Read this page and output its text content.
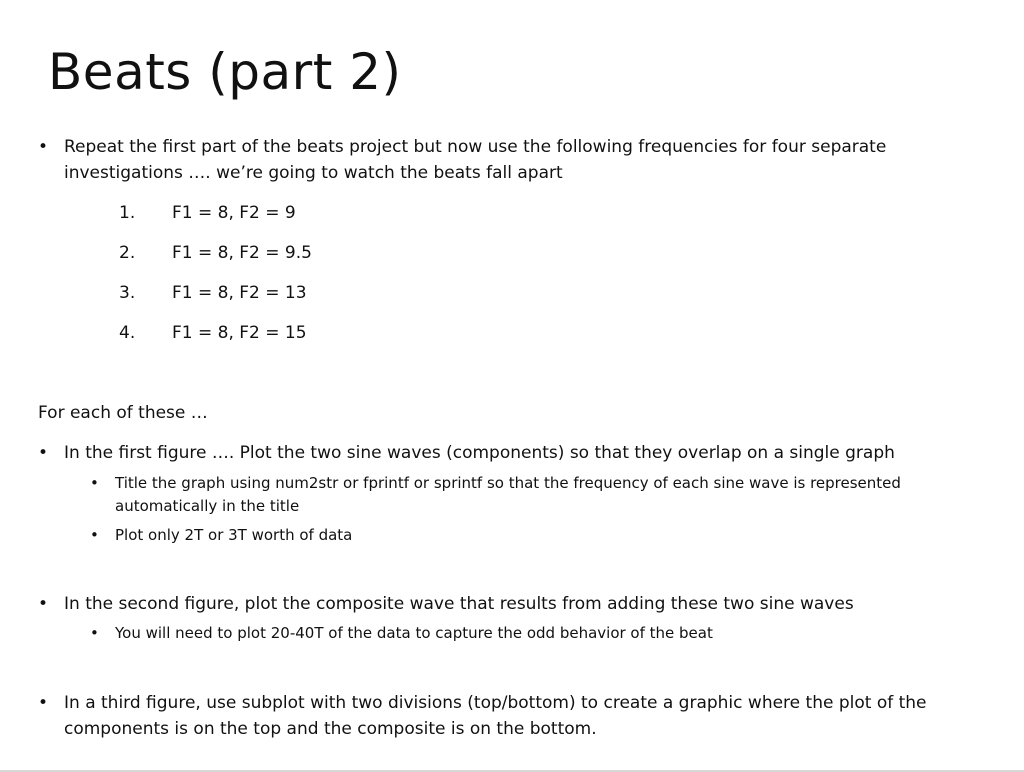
Beats (part 2)
• Repeat the first part of the beats project but now use the following frequencies for four separate investigations …. we’re going to watch the beats fall apart
1. F1 = 8, F2 = 9
2. F1 = 8, F2 = 9.5
3. F1 = 8, F2 = 13
4. F1 = 8, F2 = 15
For each of these …
• In the first figure …. Plot the two sine waves (components) so that they overlap on a single graph
• Title the graph using num2str or fprintf or sprintf so that the frequency of each sine wave is represented automatically in the title
• Plot only 2T or 3T worth of data
• In the second figure, plot the composite wave that results from adding these two sine waves
• You will need to plot 20-40T of the data to capture the odd behavior of the beat
• In a third figure, use subplot with two divisions (top/bottom) to create a graphic where the plot of the components is on the top and the composite is on the bottom.
